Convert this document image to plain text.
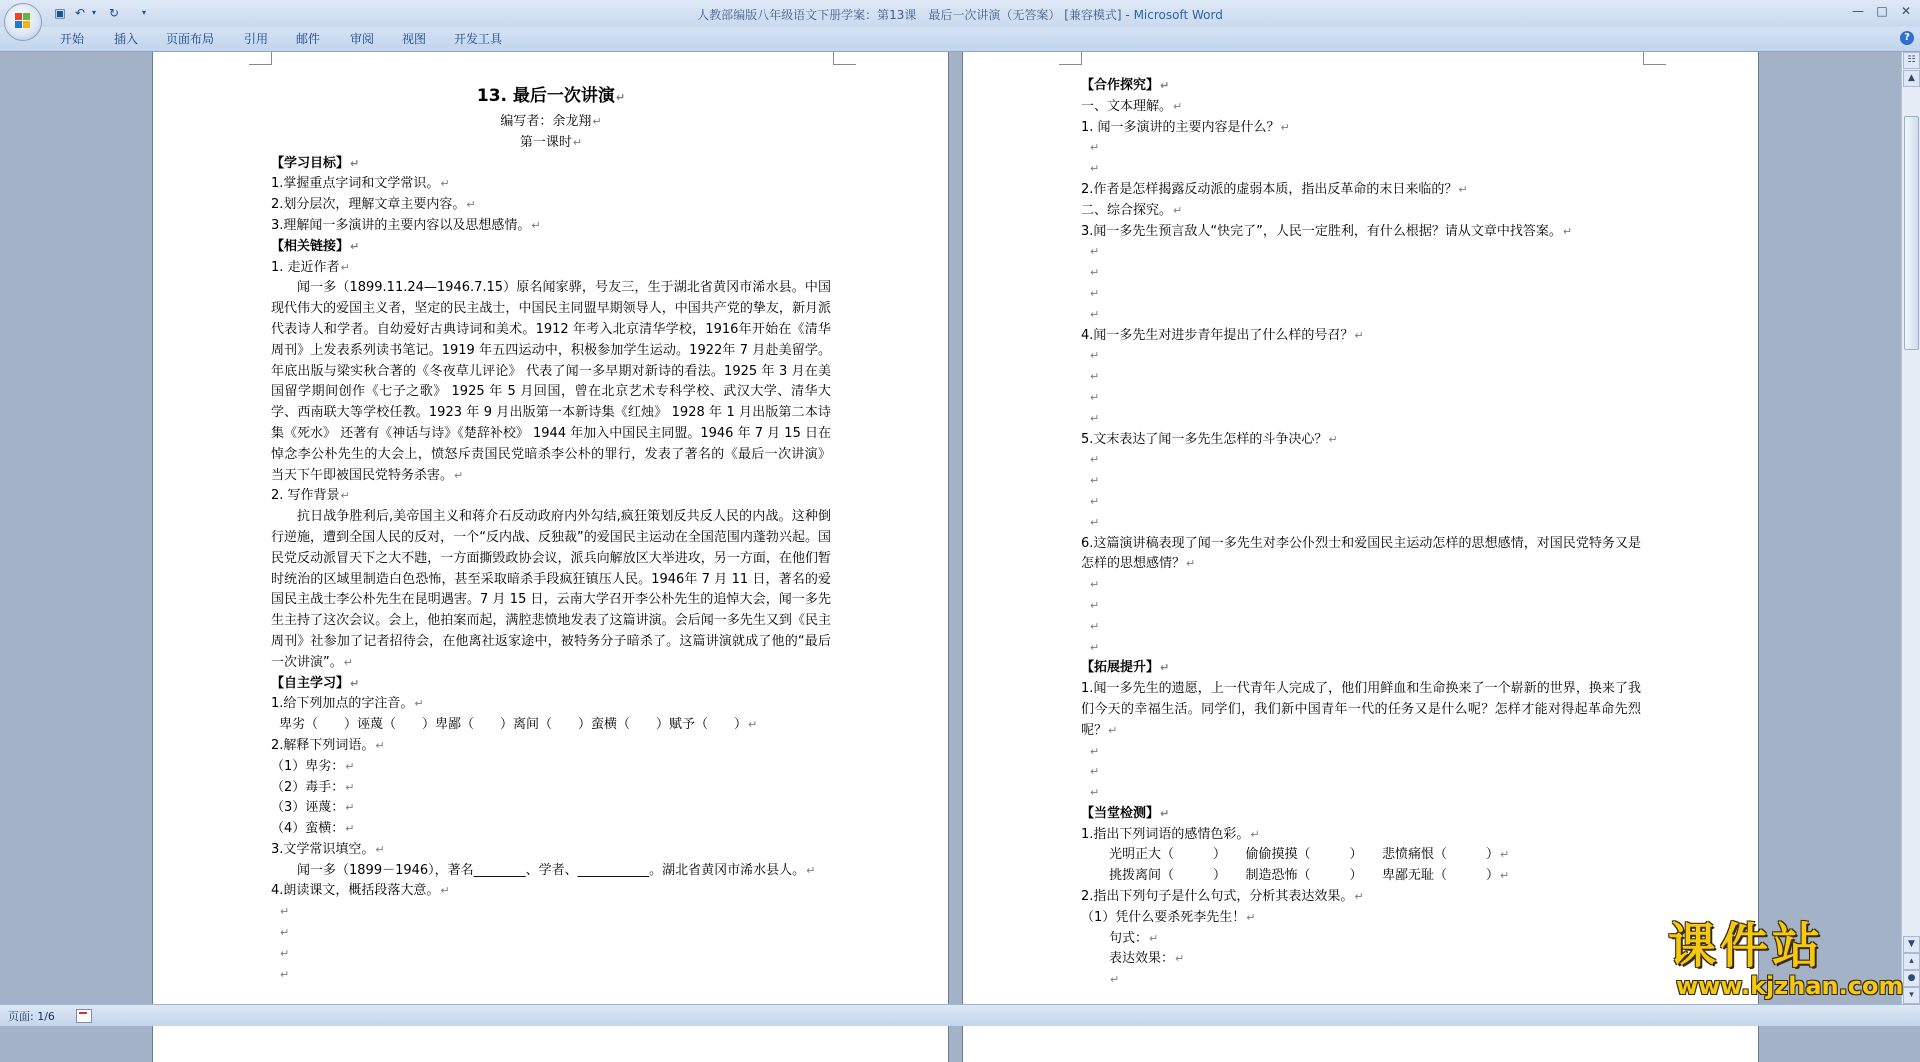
▣ ↶ ▾	↻	▾	人教部编版八年级语文下册学案：第13课　最后一次讲演（无答案） [兼容模式] - Microsoft Word	—	□	✕
开始	插入	页面布局	引用	邮件	审阅	视图	开发工具	?

13. 最后一次讲演↵

编写者：余龙翔↵

第一课时↵

【学习目标】↵

1.掌握重点字词和文学常识。↵

2.划分层次，理解文章主要内容。↵

3.理解闻一多演讲的主要内容以及思想感情。↵

【相关链接】↵

1. 走近作者↵

闻一多（1899.11.24—1946.7.15）原名闻家骅，号友三，生于湖北省黄冈市浠水县。中国现代伟大的爱国主义者，坚定的民主战士，中国民主同盟早期领导人，中国共产党的挚友，新月派代表诗人和学者。自幼爱好古典诗词和美术。1912 年考入北京清华学校，1916年开始在《清华周刊》上发表系列读书笔记。1919 年五四运动中，积极参加学生运动。1922年 7 月赴美留学。年底出版与梁实秋合著的《冬夜草儿评论》 代表了闻一多早期对新诗的看法。1925 年 3 月在美国留学期间创作《七子之歌》 1925 年 5 月回国，曾在北京艺术专科学校、武汉大学、清华大学、西南联大等学校任教。1923 年 9 月出版第一本新诗集《红烛》 1928 年 1 月出版第二本诗集《死水》 还著有《神话与诗》《楚辞补校》 1944 年加入中国民主同盟。1946 年 7 月 15 日在悼念李公朴先生的大会上，愤怒斥责国民党暗杀李公朴的罪行，发表了著名的《最后一次讲演》 当天下午即被国民党特务杀害。↵

2. 写作背景↵

抗日战争胜利后,美帝国主义和蒋介石反动政府内外勾结,疯狂策划反共反人民的内战。这种倒行逆施，遭到全国人民的反对，一个“反内战、反独裁”的爱国民主运动在全国范围内蓬勃兴起。国民党反动派冒天下之大不韪，一方面撕毁政协会议，派兵向解放区大举进攻，另一方面，在他们暂时统治的区域里制造白色恐怖，甚至采取暗杀手段疯狂镇压人民。1946年 7 月 11 日，著名的爱国民主战士李公朴先生在昆明遇害。7 月 15 日，云南大学召开李公朴先生的追悼大会，闻一多先生主持了这次会议。会上，他拍案而起，满腔悲愤地发表了这篇讲演。会后闻一多先生又到《民主周刊》社参加了记者招待会，在他离社返家途中，被特务分子暗杀了。这篇讲演就成了他的“最后一次讲演”。↵

【自主学习】↵

1.给下列加点的字注音。↵

卑劣（　　）诬蔑（　　）卑鄙（　　）离间（　　）蛮横（　　）赋予（　　）↵

2.解释下列词语。↵

（1）卑劣：↵

（2）毒手：↵

（3）诬蔑：↵

（4）蛮横：↵

3.文学常识填空。↵

闻一多（1899－1946），著名________、学者、___________。湖北省黄冈市浠水县人。↵

4.朗读课文，概括段落大意。↵

↵

↵

↵

↵

【合作探究】↵

一、文本理解。↵

1. 闻一多演讲的主要内容是什么？↵

↵

↵

2.作者是怎样揭露反动派的虚弱本质，指出反革命的末日来临的？↵

二、综合探究。↵

3.闻一多先生预言敌人“快完了”，人民一定胜利，有什么根据？请从文章中找答案。↵

↵

↵

↵

↵

4.闻一多先生对进步青年提出了什么样的号召？↵

↵

↵

↵

↵

5.文末表达了闻一多先生怎样的斗争决心？↵

↵

↵

↵

↵

6.这篇演讲稿表现了闻一多先生对李公仆烈士和爱国民主运动怎样的思想感情，对国民党特务又是怎样的思想感情？↵

↵

↵

↵

↵

【拓展提升】↵

1.闻一多先生的遗愿，上一代青年人完成了，他们用鲜血和生命换来了一个崭新的世界，换来了我们今天的幸福生活。同学们，我们新中国青年一代的任务又是什么呢？怎样才能对得起革命先烈呢？↵

↵

↵

↵

【当堂检测】↵

1.指出下列词语的感情色彩。↵

光明正大（　　　）　　偷偷摸摸（　　　）　　悲愤痛恨（　　　）↵

挑拨离间（　　　）　　制造恐怖（　　　）　　卑鄙无耻（　　　）↵

2.指出下列句子是什么句式，分析其表达效果。↵

（1）凭什么要杀死李先生！↵

句式：↵

表达效果：↵

↵

☷
▲
▼
▴
●
▾
课件站
www.kjzhan.com
页面: 1/6
